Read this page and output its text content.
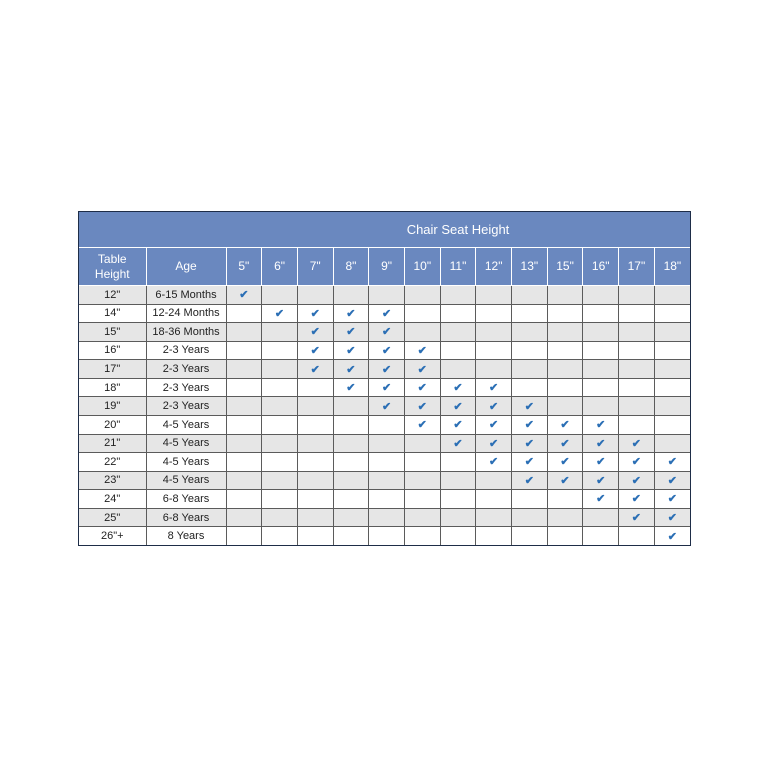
		Chair Seat Height												
Table
Height	Age	5"	6"	7"	8"	9"	10"	11"	12"	13"	15"	16"	17"	18"
12"	6-15 Months	✔												
14"	12-24 Months		✔	✔	✔	✔								
15"	18-36 Months			✔	✔	✔								
16"	2-3 Years			✔	✔	✔	✔							
17"	2-3 Years			✔	✔	✔	✔							
18"	2-3 Years				✔	✔	✔	✔	✔					
19"	2-3 Years					✔	✔	✔	✔	✔				
20"	4-5 Years						✔	✔	✔	✔	✔	✔		
21"	4-5 Years							✔	✔	✔	✔	✔	✔	
22"	4-5 Years								✔	✔	✔	✔	✔	✔
23"	4-5 Years									✔	✔	✔	✔	✔
24"	6-8 Years											✔	✔	✔
25"	6-8 Years												✔	✔
26"+	8 Years													✔
